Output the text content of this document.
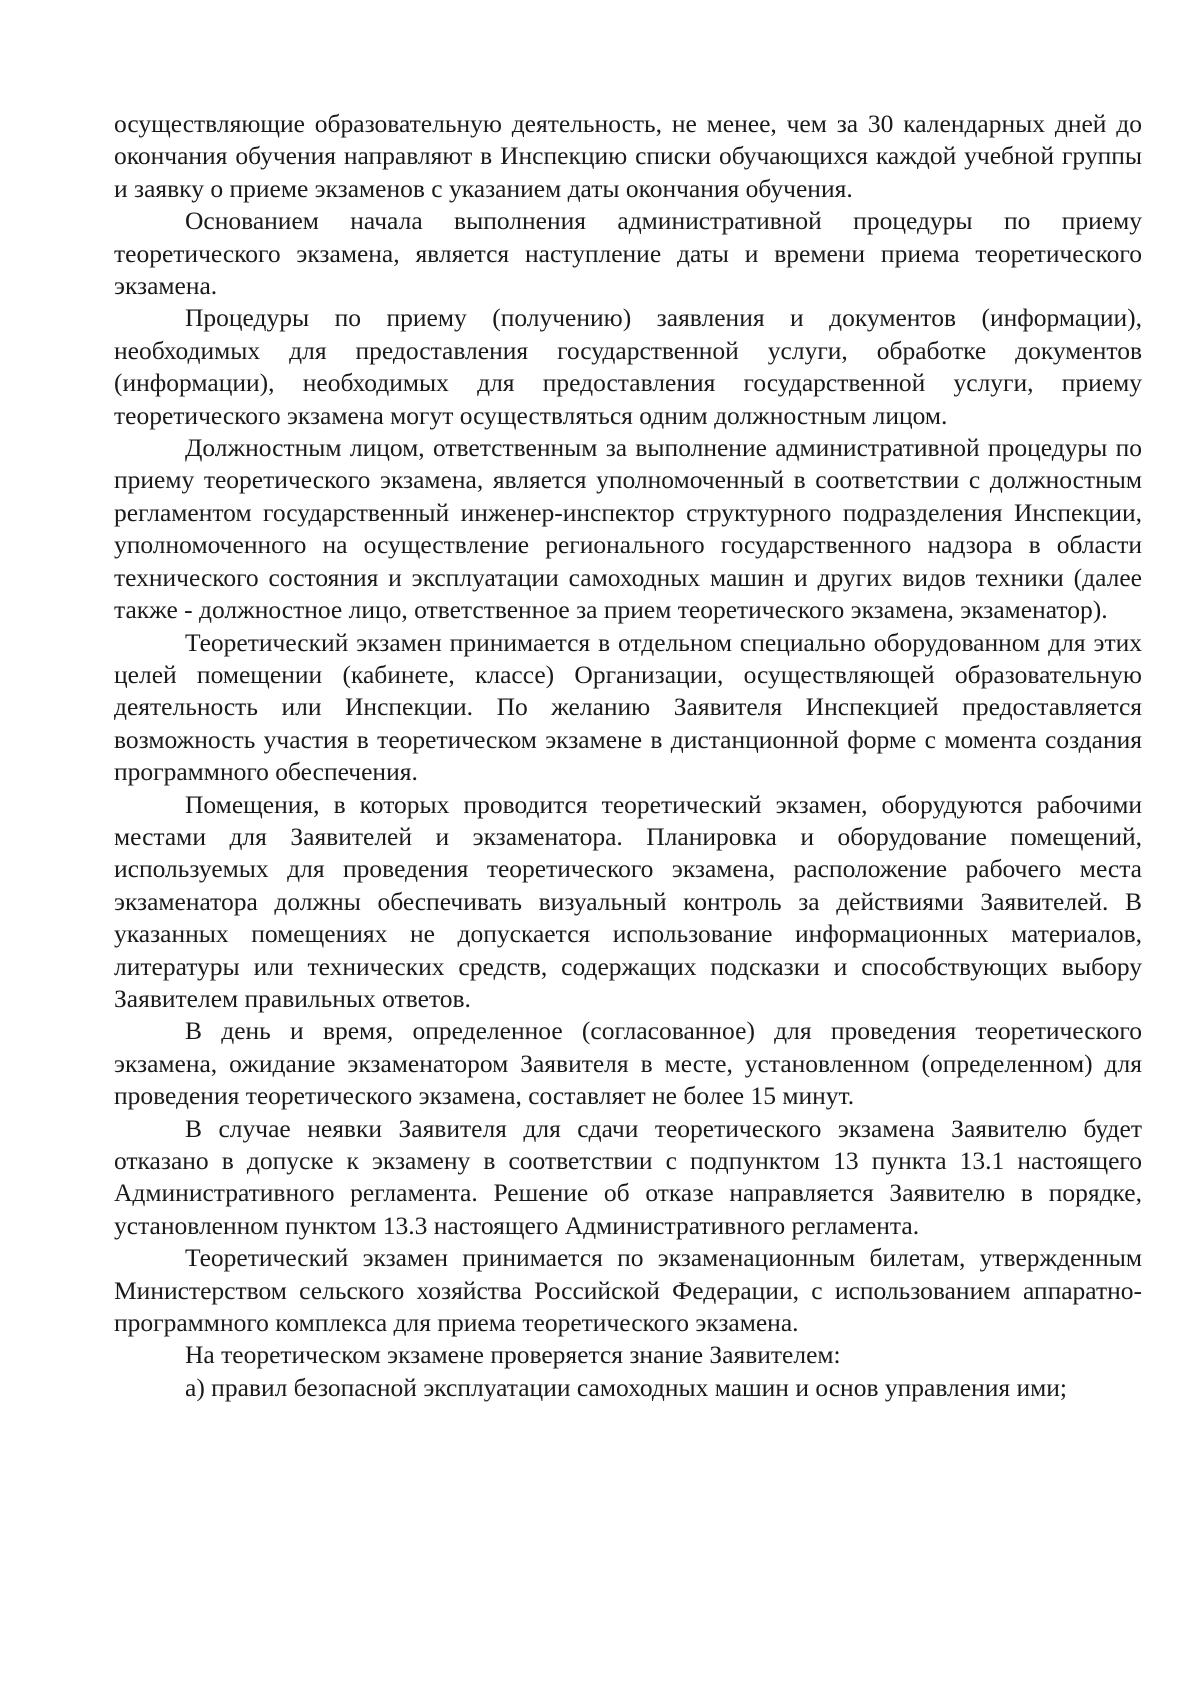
осуществляющие образовательную деятельность, не менее, чем за 30 календарных дней до окончания обучения направляют в Инспекцию списки обучающихся каждой учебной группы и заявку о приеме экзаменов с указанием даты окончания обучения.

Основанием начала выполнения административной процедуры по приему теоретического экзамена, является наступление даты и времени приема теоретического экзамена.

Процедуры по приему (получению) заявления и документов (информации), необходимых для предоставления государственной услуги, обработке документов (информации), необходимых для предоставления государственной услуги, приему теоретического экзамена могут осуществляться одним должностным лицом.

Должностным лицом, ответственным за выполнение административной процедуры по приему теоретического экзамена, является уполномоченный в соответствии с должностным регламентом государственный инженер-инспектор структурного подразделения Инспекции, уполномоченного на осуществление регионального государственного надзора в области технического состояния и эксплуатации самоходных машин и других видов техники (далее также - должностное лицо, ответственное за прием теоретического экзамена, экзаменатор).

Теоретический экзамен принимается в отдельном специально оборудованном для этих целей помещении (кабинете, классе) Организации, осуществляющей образовательную деятельность или Инспекции. По желанию Заявителя Инспекцией предоставляется возможность участия в теоретическом экзамене в дистанционной форме с момента создания программного обеспечения.

Помещения, в которых проводится теоретический экзамен, оборудуются рабочими местами для Заявителей и экзаменатора. Планировка и оборудование помещений, используемых для проведения теоретического экзамена, расположение рабочего места экзаменатора должны обеспечивать визуальный контроль за действиями Заявителей. В указанных помещениях не допускается использование информационных материалов, литературы или технических средств, содержащих подсказки и способствующих выбору Заявителем правильных ответов.

В день и время, определенное (согласованное) для проведения теоретического экзамена, ожидание экзаменатором Заявителя в месте, установленном (определенном) для проведения теоретического экзамена, составляет не более 15 минут.

В случае неявки Заявителя для сдачи теоретического экзамена Заявителю будет отказано в допуске к экзамену в соответствии с подпунктом 13 пункта 13.1 настоящего Административного регламента. Решение об отказе направляется Заявителю в порядке, установленном пунктом 13.3 настоящего Административного регламента.

Теоретический экзамен принимается по экзаменационным билетам, утвержденным Министерством сельского хозяйства Российской Федерации, с использованием аппаратно-программного комплекса для приема теоретического экзамена.

На теоретическом экзамене проверяется знание Заявителем:

а) правил безопасной эксплуатации самоходных машин и основ управления ими;
